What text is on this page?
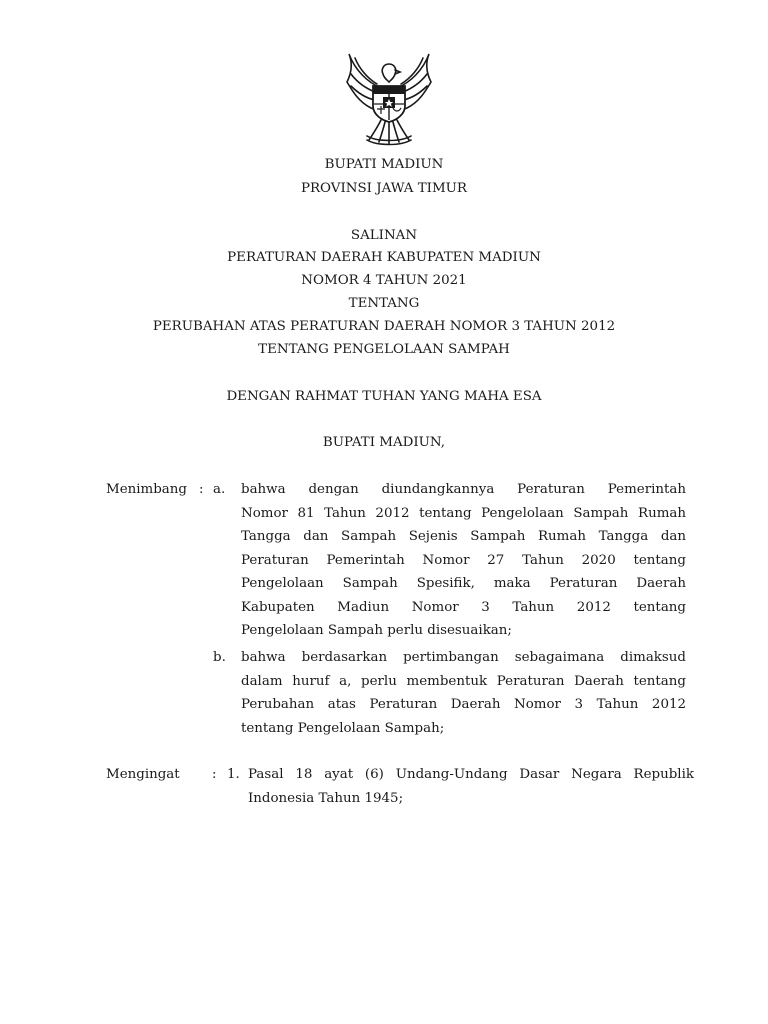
BUPATI MADIUN
PROVINSI JAWA TIMUR
SALINAN
PERATURAN DAERAH KABUPATEN MADIUN
NOMOR 4 TAHUN 2021
TENTANG
PERUBAHAN ATAS PERATURAN DAERAH NOMOR 3 TAHUN 2012
TENTANG PENGELOLAAN SAMPAH
DENGAN RAHMAT TUHAN YANG MAHA ESA
BUPATI MADIUN,
Menimbang : a. bahwa dengan diundangkannya Peraturan Pemerintah
Nomor 81 Tahun 2012 tentang Pengelolaan Sampah Rumah
Tangga dan Sampah Sejenis Sampah Rumah Tangga dan
Peraturan Pemerintah Nomor 27 Tahun 2020 tentang
Pengelolaan Sampah Spesifik, maka Peraturan Daerah
Kabupaten Madiun Nomor 3 Tahun 2012 tentang
Pengelolaan Sampah perlu disesuaikan;
b. bahwa berdasarkan pertimbangan sebagaimana dimaksud
dalam huruf a, perlu membentuk Peraturan Daerah tentang
Perubahan atas Peraturan Daerah Nomor 3 Tahun 2012
tentang Pengelolaan Sampah;
Mengingat : 1. Pasal 18 ayat (6) Undang-Undang Dasar Negara Republik
Indonesia Tahun 1945;
